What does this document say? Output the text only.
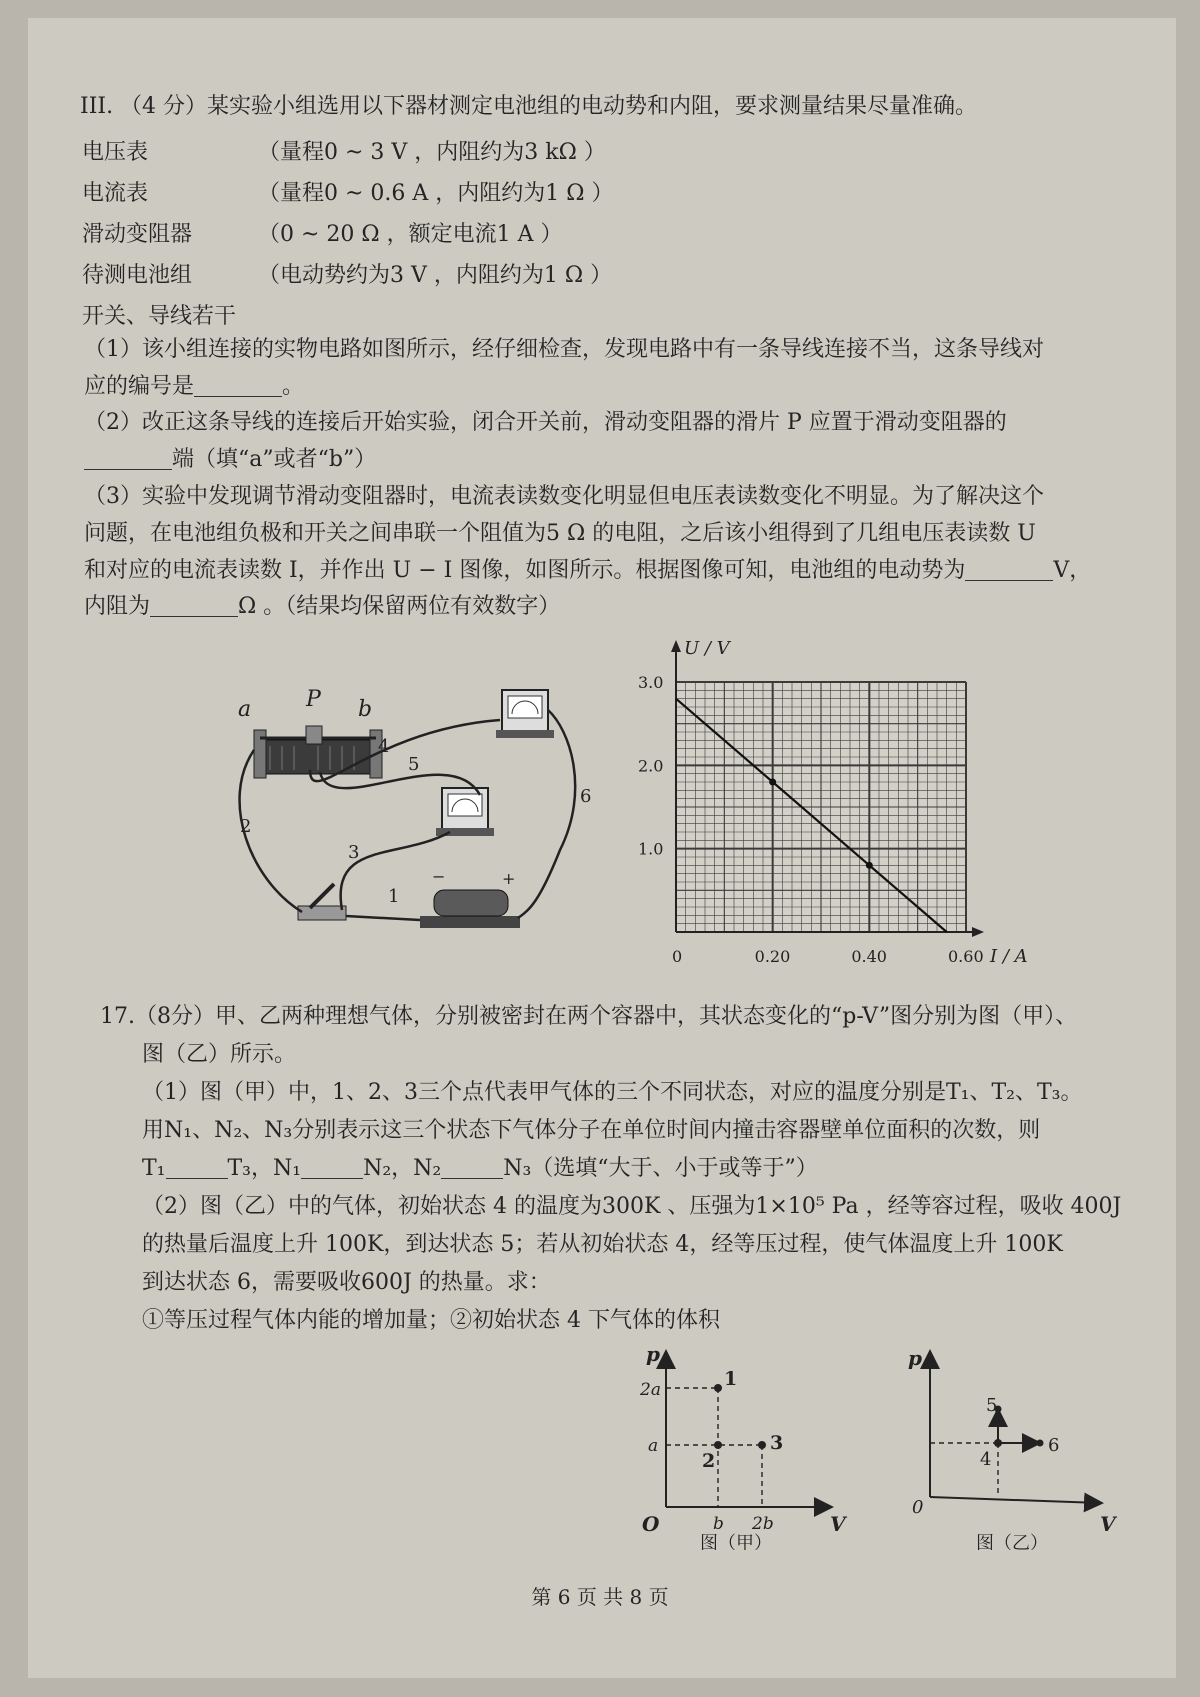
III. （4 分）某实验小组选用以下器材测定电池组的电动势和内阻，要求测量结果尽量准确。
电压表	（量程0 ~ 3 V ，内阻约为3 kΩ ）
电流表	（量程0 ~ 0.6 A ，内阻约为1 Ω ）
滑动变阻器	（0 ~ 20 Ω ，额定电流1 A ）
待测电池组	（电动势约为3 V ，内阻约为1 Ω ）
开关、导线若干
（1）该小组连接的实物电路如图所示，经仔细检查，发现电路中有一条导线连接不当，这条导线对
应的编号是	。
（2）改正这条导线的连接后开始实验，闭合开关前，滑动变阻器的滑片 P 应置于滑动变阻器的
端（填“a”或者“b”）
（3）实验中发现调节滑动变阻器时，电流表读数变化明显但电压表读数变化不明显。为了解决这个
问题，在电池组负极和开关之间串联一个阻值为5 Ω 的电阻，之后该小组得到了几组电压表读数 U
和对应的电流表读数 I，并作出 U − I 图像，如图所示。根据图像可知，电池组的电动势为	V，
内阻为	Ω 。（结果均保留两位有效数字）
a P b
−	+
4
5
6
2
3
1
1.0
2.0
3.0
0	0.20	0.40	0.60
U / V
I / A
17.（8分）甲、乙两种理想气体，分别被密封在两个容器中，其状态变化的“p-V”图分别为图（甲）、
图（乙）所示。
（1）图（甲）中，1、2、3三个点代表甲气体的三个不同状态，对应的温度分别是T₁、T₂、T₃。
用N₁、N₂、N₃分别表示这三个状态下气体分子在单位时间内撞击容器壁单位面积的次数，则
T₁	T₃，N₁	N₂，N₂	N₃（选填“大于、小于或等于”）
（2）图（乙）中的气体，初始状态 4 的温度为300K 、压强为1×10⁵ Pa ，经等容过程，吸收 400J
的热量后温度上升 100K，到达状态 5；若从初始状态 4，经等压过程，使气体温度上升 100K
到达状态 6，需要吸收600J 的热量。求：
①等压过程气体内能的增加量；②初始状态 4 下气体的体积
p
V
O
2a
a
b 2b
1
2
3
图（甲）
p
V
0
4
5
6
图（乙）
第 6 页 共 8 页
